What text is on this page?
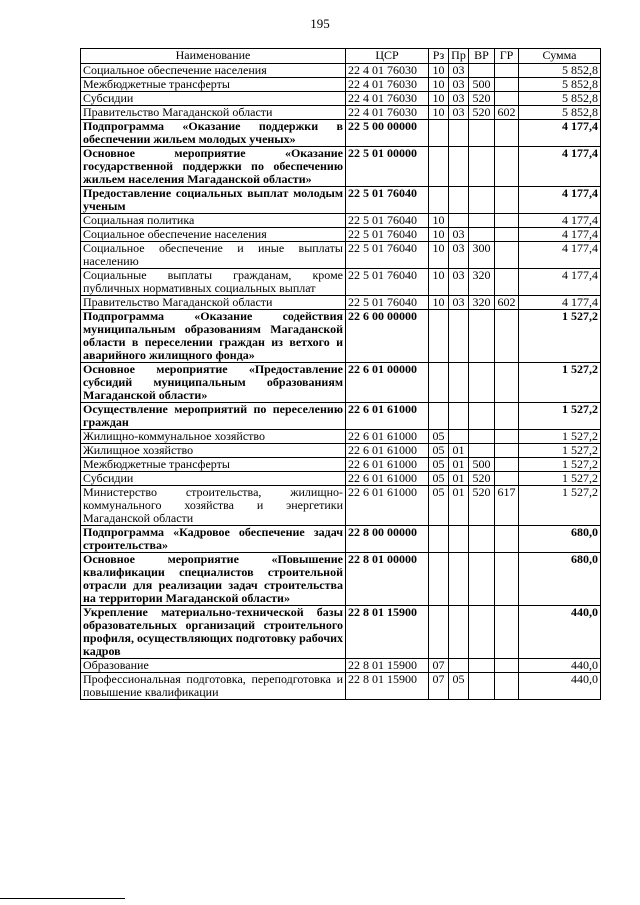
195
Наименование	ЦСР	Рз	Пр	ВР	ГР	Сумма
Социальное обеспечение населения	22 4 01 76030	10	03			5 852,8
Межбюджетные трансферты	22 4 01 76030	10	03	500		5 852,8
Субсидии	22 4 01 76030	10	03	520		5 852,8
Правительство Магаданской области	22 4 01 76030	10	03	520	602	5 852,8
Подпрограмма «Оказание поддержки в обеспечении жильем молодых ученых»	22 5 00 00000					4 177,4
Основное мероприятие «Оказание государственной поддержки по обеспечению жильем населения Магаданской области»	22 5 01 00000					4 177,4
Предоставление социальных выплат молодым ученым	22 5 01 76040					4 177,4
Социальная политика	22 5 01 76040	10				4 177,4
Социальное обеспечение населения	22 5 01 76040	10	03			4 177,4
Социальное обеспечение и иные выплаты населению	22 5 01 76040	10	03	300		4 177,4
Социальные выплаты гражданам, кроме публичных нормативных социальных выплат	22 5 01 76040	10	03	320		4 177,4
Правительство Магаданской области	22 5 01 76040	10	03	320	602	4 177,4
Подпрограмма «Оказание содействия муниципальным образованиям Магаданской области в переселении граждан из ветхого и аварийного жилищного фонда»	22 6 00 00000					1 527,2
Основное мероприятие «Предоставление субсидий муниципальным образованиям Магаданской области»	22 6 01 00000					1 527,2
Осуществление мероприятий по переселению граждан	22 6 01 61000					1 527,2
Жилищно-коммунальное хозяйство	22 6 01 61000	05				1 527,2
Жилищное хозяйство	22 6 01 61000	05	01			1 527,2
Межбюджетные трансферты	22 6 01 61000	05	01	500		1 527,2
Субсидии	22 6 01 61000	05	01	520		1 527,2
Министерство строительства, жилищно-коммунального хозяйства и энергетики Магаданской области	22 6 01 61000	05	01	520	617	1 527,2
Подпрограмма «Кадровое обеспечение задач строительства»	22 8 00 00000					680,0
Основное мероприятие «Повышение квалификации специалистов строительной отрасли для реализации задач строительства на территории Магаданской области»	22 8 01 00000					680,0
Укрепление материально-технической базы образовательных организаций строительного профиля, осуществляющих подготовку рабочих кадров	22 8 01 15900					440,0
Образование	22 8 01 15900	07				440,0
Профессиональная подготовка, переподготовка и повышение квалификации	22 8 01 15900	07	05			440,0
